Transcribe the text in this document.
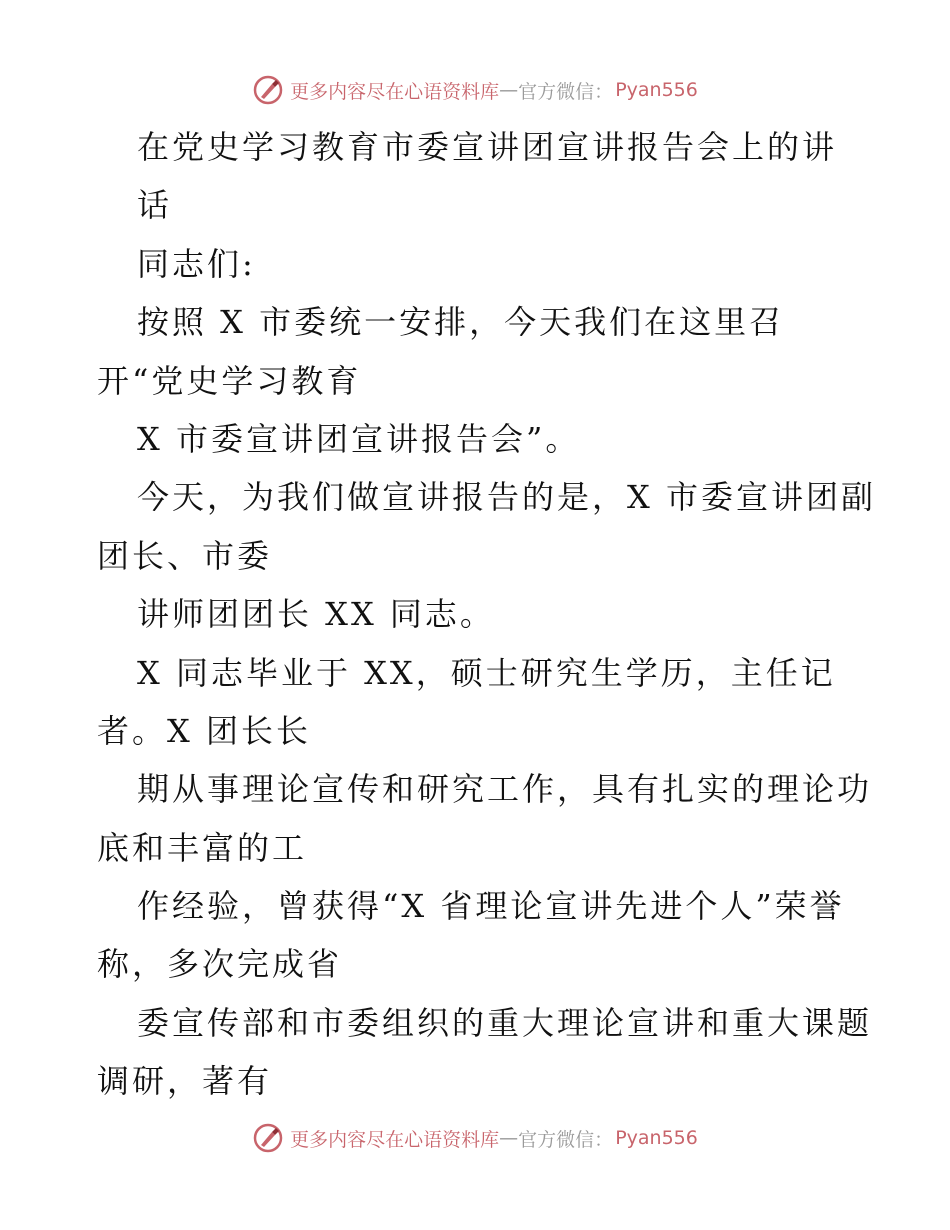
更多内容尽在心语资料库 — 官方微信： Pyan556
在党史学习教育市委宣讲团宣讲报告会上的讲
话
同志们:
按照 X 市委统一安排，今天我们在这里召
开“党史学习教育
X 市委宣讲团宣讲报告会”。
今天，为我们做宣讲报告的是，X 市委宣讲团副
团长、市委
讲师团团长 XX 同志。
X 同志毕业于 XX，硕士研究生学历，主任记
者。X 团长长
期从事理论宣传和研究工作，具有扎实的理论功
底和丰富的工
作经验，曾获得“X 省理论宣讲先进个人”荣誉
称，多次完成省
委宣传部和市委组织的重大理论宣讲和重大课题
调研，著有
更多内容尽在心语资料库 — 官方微信： Pyan556
